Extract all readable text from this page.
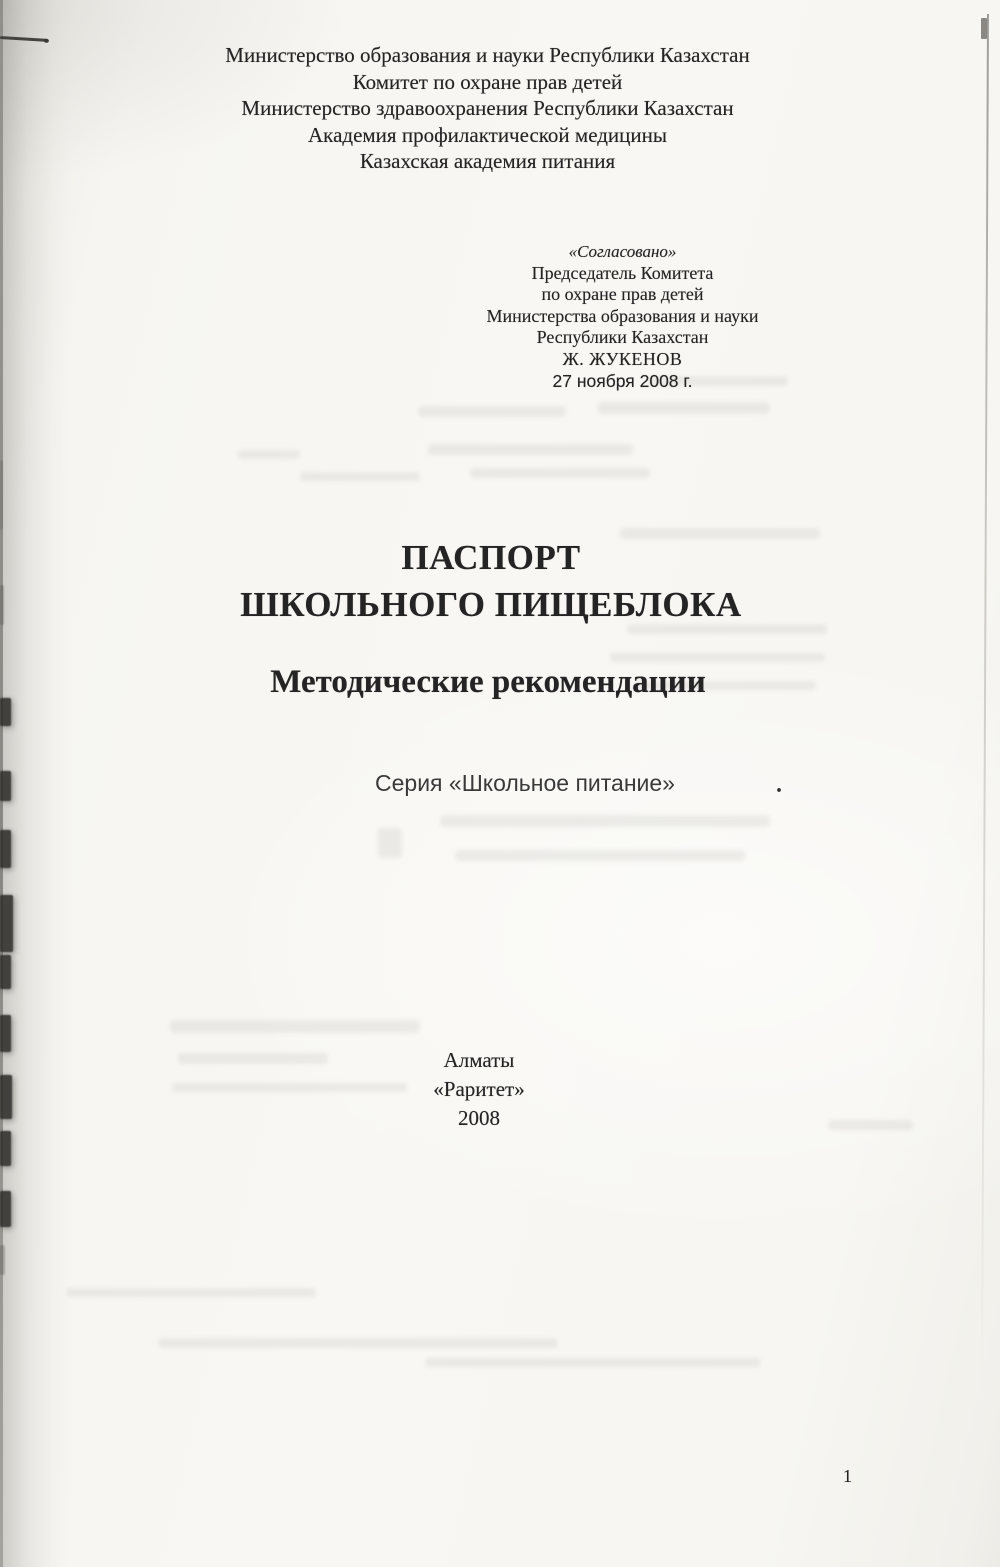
Министерство образования и науки Республики Казахстан
Комитет по охране прав детей
Министерство здравоохранения Республики Казахстан
Академия профилактической медицины
Казахская академия питания
«Согласовано»
Председатель Комитета
по охране прав детей
Министерства образования и науки
Республики Казахстан
Ж. ЖУКЕНОВ
27 ноября 2008 г.
ПАСПОРТ
ШКОЛЬНОГО ПИЩЕБЛОКА
Методические рекомендации
Серия «Школьное питание»	.
Алматы
«Раритет»
2008
1
